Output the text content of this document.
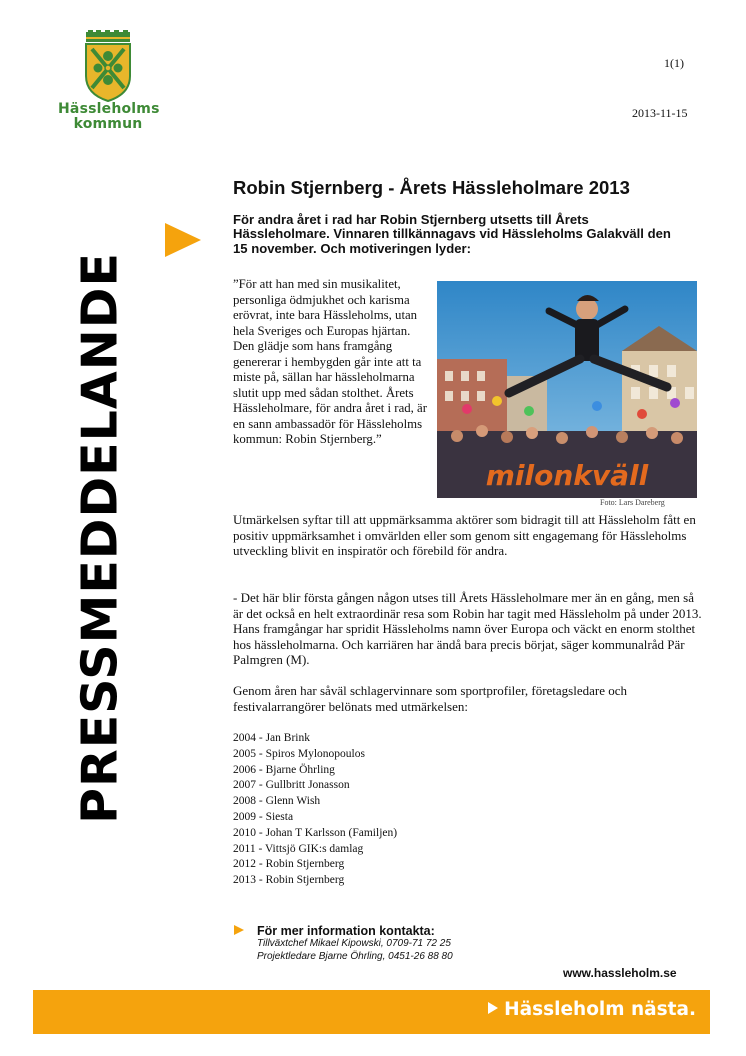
Hässleholms
kommun
1(1)
2013-11-15
PRESSMEDDELANDE
Robin Stjernberg - Årets Hässleholmare 2013
För andra året i rad har Robin Stjernberg utsetts till Årets Hässleholmare. Vinnaren tillkännagavs vid Hässleholms Galakväll den 15 november. Och motiveringen lyder:
”För att han med sin musikalitet, personliga ödmjukhet och karisma erövrat, inte bara Hässleholms, utan hela Sveriges och Europas hjärtan. Den glädje som hans framgång genererar i hembygden går inte att ta miste på, sällan har hässleholmarna slutit upp med sådan stolthet. Årets Hässleholmare, för andra året i rad, är en sann ambassadör för Hässleholms kommun: Robin Stjernberg.”
milonkväll
Foto: Lars Dareberg
Utmärkelsen syftar till att uppmärksamma aktörer som bidragit till att Hässleholm fått en positiv uppmärksamhet i omvärlden eller som genom sitt engagemang för Hässleholms utveckling blivit en inspiratör och förebild för andra.
- Det här blir första gången någon utses till Årets Hässleholmare mer än en gång, men så är det också en helt extraordinär resa som Robin har tagit med Hässleholm på under 2013. Hans framgångar har spridit Hässleholms namn över Europa och väckt en enorm stolthet hos hässleholmarna. Och karriären har ändå bara precis börjat, säger kommunalråd Pär Palmgren (M).
Genom åren har såväl schlagervinnare som sportprofiler, företagsledare och festivalarrangörer belönats med utmärkelsen:
2004 - Jan Brink
2005 - Spiros Mylonopoulos
2006 - Bjarne Öhrling
2007 - Gullbritt Jonasson
2008 - Glenn Wish
2009 - Siesta
2010 - Johan T Karlsson (Familjen)
2011 - Vittsjö GIK:s damlag
2012 - Robin Stjernberg
2013 - Robin Stjernberg
För mer information kontakta:
Tillväxtchef Mikael Kipowski, 0709-71 72 25
Projektledare Bjarne Öhrling, 0451-26 88 80
www.hassleholm.se
Hässleholm nästa.
